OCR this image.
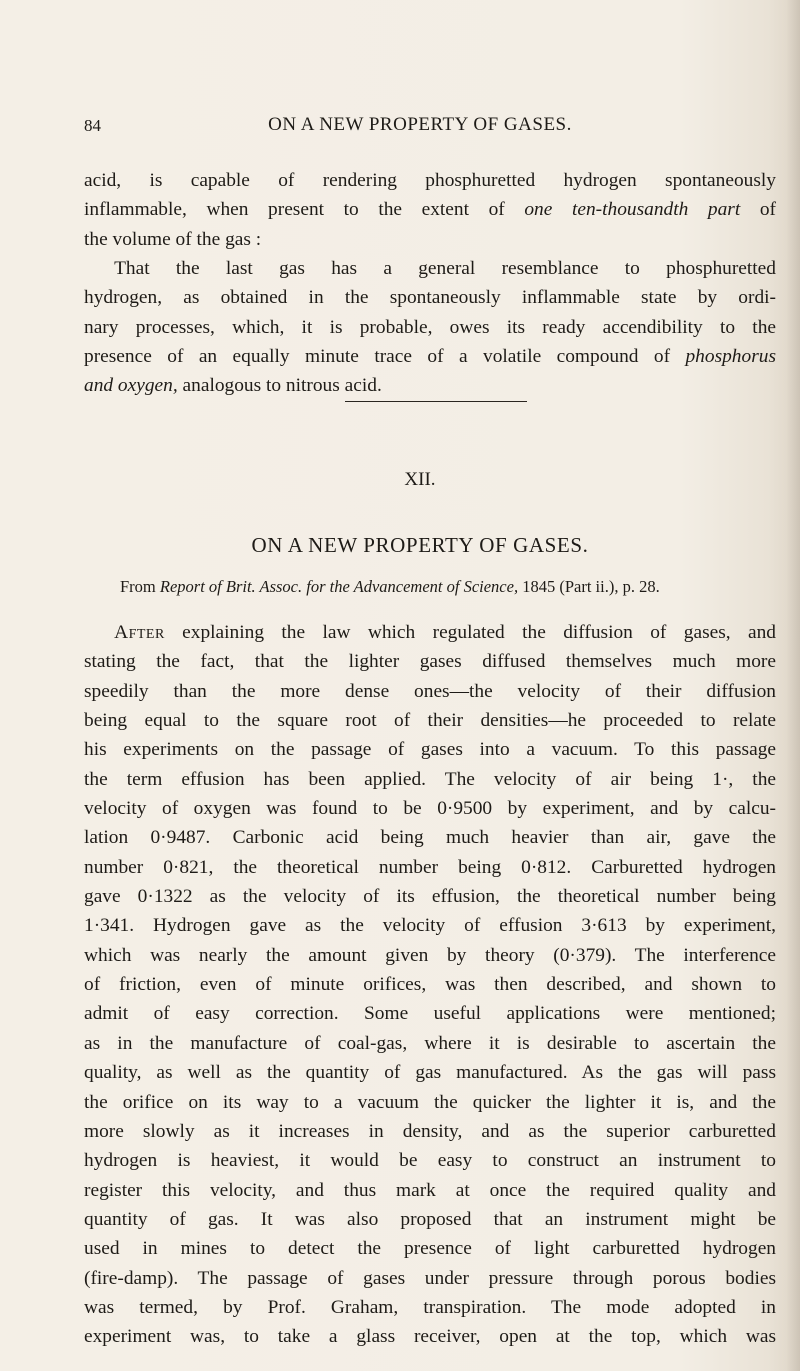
84	ON A NEW PROPERTY OF GASES.
acid, is capable of rendering phosphuretted hydrogen spontaneously
inflammable, when present to the extent of one ten-thousandth part of
the volume of the gas :
That the last gas has a general resemblance to phosphuretted
hydrogen, as obtained in the spontaneously inflammable state by ordi-
nary processes, which, it is probable, owes its ready accendibility to the
presence of an equally minute trace of a volatile compound of phosphorus
and oxygen, analogous to nitrous acid.
XII.
ON A NEW PROPERTY OF GASES.
From Report of Brit. Assoc. for the Advancement of Science, 1845 (Part ii.), p. 28.
After explaining the law which regulated the diffusion of gases, and
stating the fact, that the lighter gases diffused themselves much more
speedily than the more dense ones—the velocity of their diffusion
being equal to the square root of their densities—he proceeded to relate
his experiments on the passage of gases into a vacuum. To this passage
the term effusion has been applied. The velocity of air being 1·, the
velocity of oxygen was found to be 0·9500 by experiment, and by calcu-
lation 0·9487. Carbonic acid being much heavier than air, gave the
number 0·821, the theoretical number being 0·812. Carburetted hydrogen
gave 0·1322 as the velocity of its effusion, the theoretical number being
1·341. Hydrogen gave as the velocity of effusion 3·613 by experiment,
which was nearly the amount given by theory (0·379). The interference
of friction, even of minute orifices, was then described, and shown to
admit of easy correction. Some useful applications were mentioned;
as in the manufacture of coal-gas, where it is desirable to ascertain the
quality, as well as the quantity of gas manufactured. As the gas will pass
the orifice on its way to a vacuum the quicker the lighter it is, and the
more slowly as it increases in density, and as the superior carburetted
hydrogen is heaviest, it would be easy to construct an instrument to
register this velocity, and thus mark at once the required quality and
quantity of gas. It was also proposed that an instrument might be
used in mines to detect the presence of light carburetted hydrogen
(fire-damp). The passage of gases under pressure through porous bodies
was termed, by Prof. Graham, transpiration. The mode adopted in
experiment was, to take a glass receiver, open at the top, which was
